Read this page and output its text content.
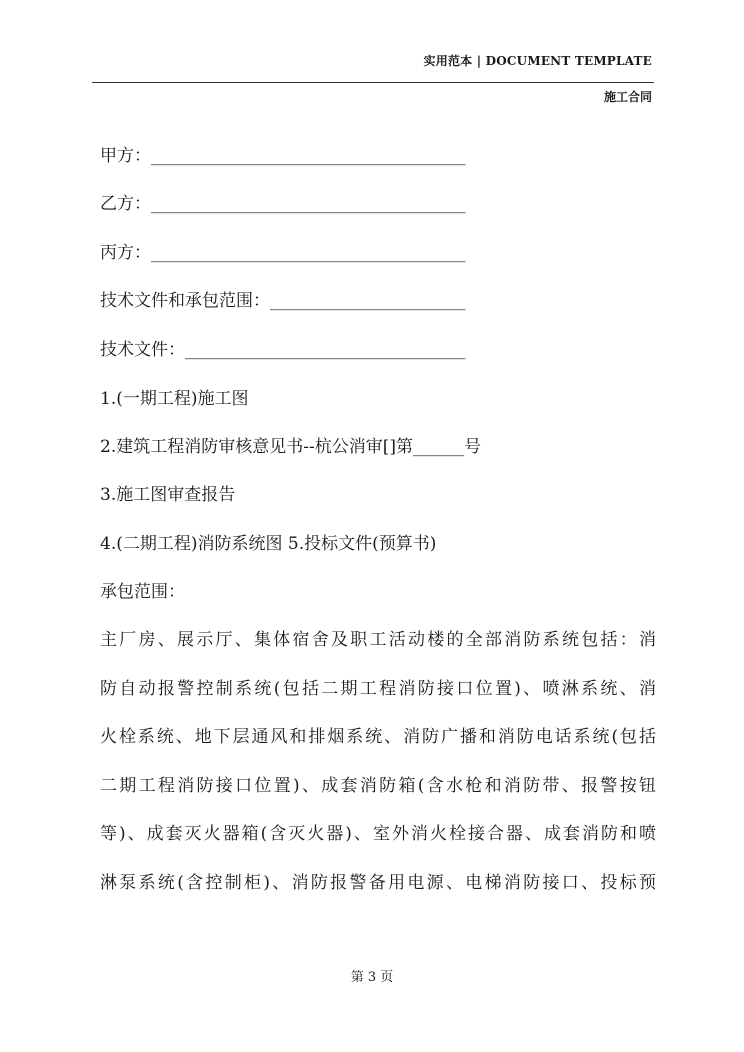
实用范本 | DOCUMENT TEMPLATE
施工合同
甲方：_____________________________________
乙方：_____________________________________
丙方：_____________________________________
技术文件和承包范围：_______________________
技术文件：_________________________________
1.(一期工程)施工图
2.建筑工程消防审核意见书--杭公消审[]第______号
3.施工图审查报告
4.(二期工程)消防系统图 5.投标文件(预算书)
承包范围：
主厂房、展示厅、集体宿舍及职工活动楼的全部消防系统包括：消
防自动报警控制系统(包括二期工程消防接口位置)、喷淋系统、消
火栓系统、地下层通风和排烟系统、消防广播和消防电话系统(包括
二期工程消防接口位置)、成套消防箱(含水枪和消防带、报警按钮
等)、成套灭火器箱(含灭火器)、室外消火栓接合器、成套消防和喷
淋泵系统(含控制柜)、消防报警备用电源、电梯消防接口、投标预
第 3 页
